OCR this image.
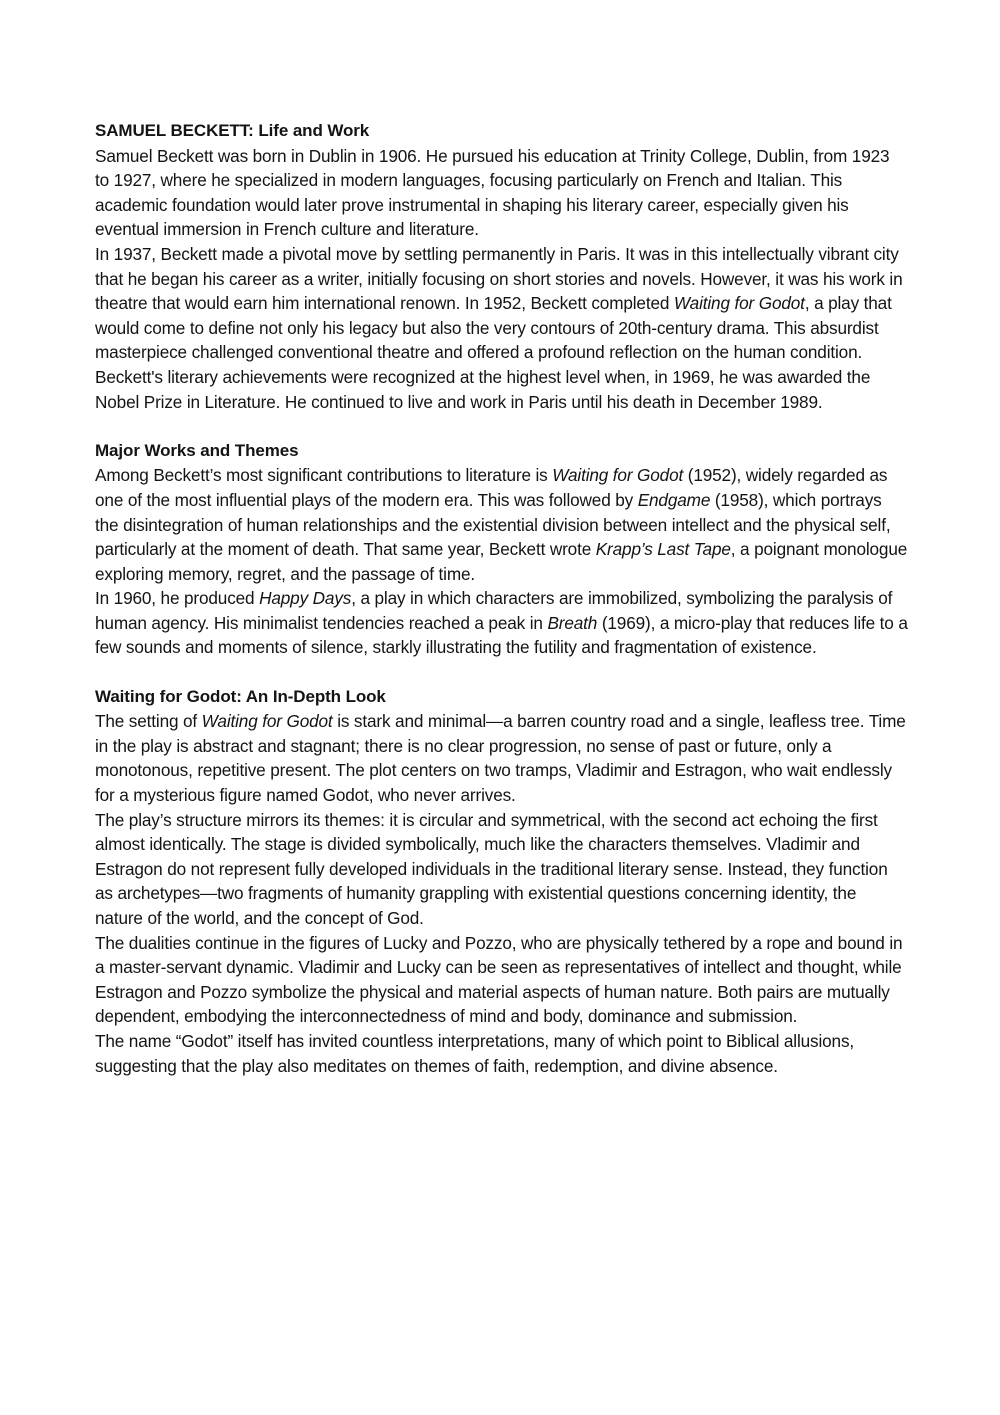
SAMUEL BECKETT: Life and Work

Samuel Beckett was born in Dublin in 1906. He pursued his education at Trinity College, Dublin, from 1923 to 1927, where he specialized in modern languages, focusing particularly on French and Italian. This academic foundation would later prove instrumental in shaping his literary career, especially given his eventual immersion in French culture and literature.

In 1937, Beckett made a pivotal move by settling permanently in Paris. It was in this intellectually vibrant city that he began his career as a writer, initially focusing on short stories and novels. However, it was his work in theatre that would earn him international renown. In 1952, Beckett completed Waiting for Godot, a play that would come to define not only his legacy but also the very contours of 20th-century drama. This absurdist masterpiece challenged conventional theatre and offered a profound reflection on the human condition. Beckett's literary achievements were recognized at the highest level when, in 1969, he was awarded the Nobel Prize in Literature. He continued to live and work in Paris until his death in December 1989.

Major Works and Themes

Among Beckett’s most significant contributions to literature is Waiting for Godot (1952), widely regarded as one of the most influential plays of the modern era. This was followed by Endgame (1958), which portrays the disintegration of human relationships and the existential division between intellect and the physical self, particularly at the moment of death. That same year, Beckett wrote Krapp’s Last Tape, a poignant monologue exploring memory, regret, and the passage of time.

In 1960, he produced Happy Days, a play in which characters are immobilized, symbolizing the paralysis of human agency. His minimalist tendencies reached a peak in Breath (1969), a micro-play that reduces life to a few sounds and moments of silence, starkly illustrating the futility and fragmentation of existence.

Waiting for Godot: An In-Depth Look

The setting of Waiting for Godot is stark and minimal—a barren country road and a single, leafless tree. Time in the play is abstract and stagnant; there is no clear progression, no sense of past or future, only a monotonous, repetitive present. The plot centers on two tramps, Vladimir and Estragon, who wait endlessly for a mysterious figure named Godot, who never arrives.

The play’s structure mirrors its themes: it is circular and symmetrical, with the second act echoing the first almost identically. The stage is divided symbolically, much like the characters themselves. Vladimir and Estragon do not represent fully developed individuals in the traditional literary sense. Instead, they function as archetypes—two fragments of humanity grappling with existential questions concerning identity, the nature of the world, and the concept of God.

The dualities continue in the figures of Lucky and Pozzo, who are physically tethered by a rope and bound in a master-servant dynamic. Vladimir and Lucky can be seen as representatives of intellect and thought, while Estragon and Pozzo symbolize the physical and material aspects of human nature. Both pairs are mutually dependent, embodying the interconnectedness of mind and body, dominance and submission.

The name “Godot” itself has invited countless interpretations, many of which point to Biblical allusions, suggesting that the play also meditates on themes of faith, redemption, and divine absence.
